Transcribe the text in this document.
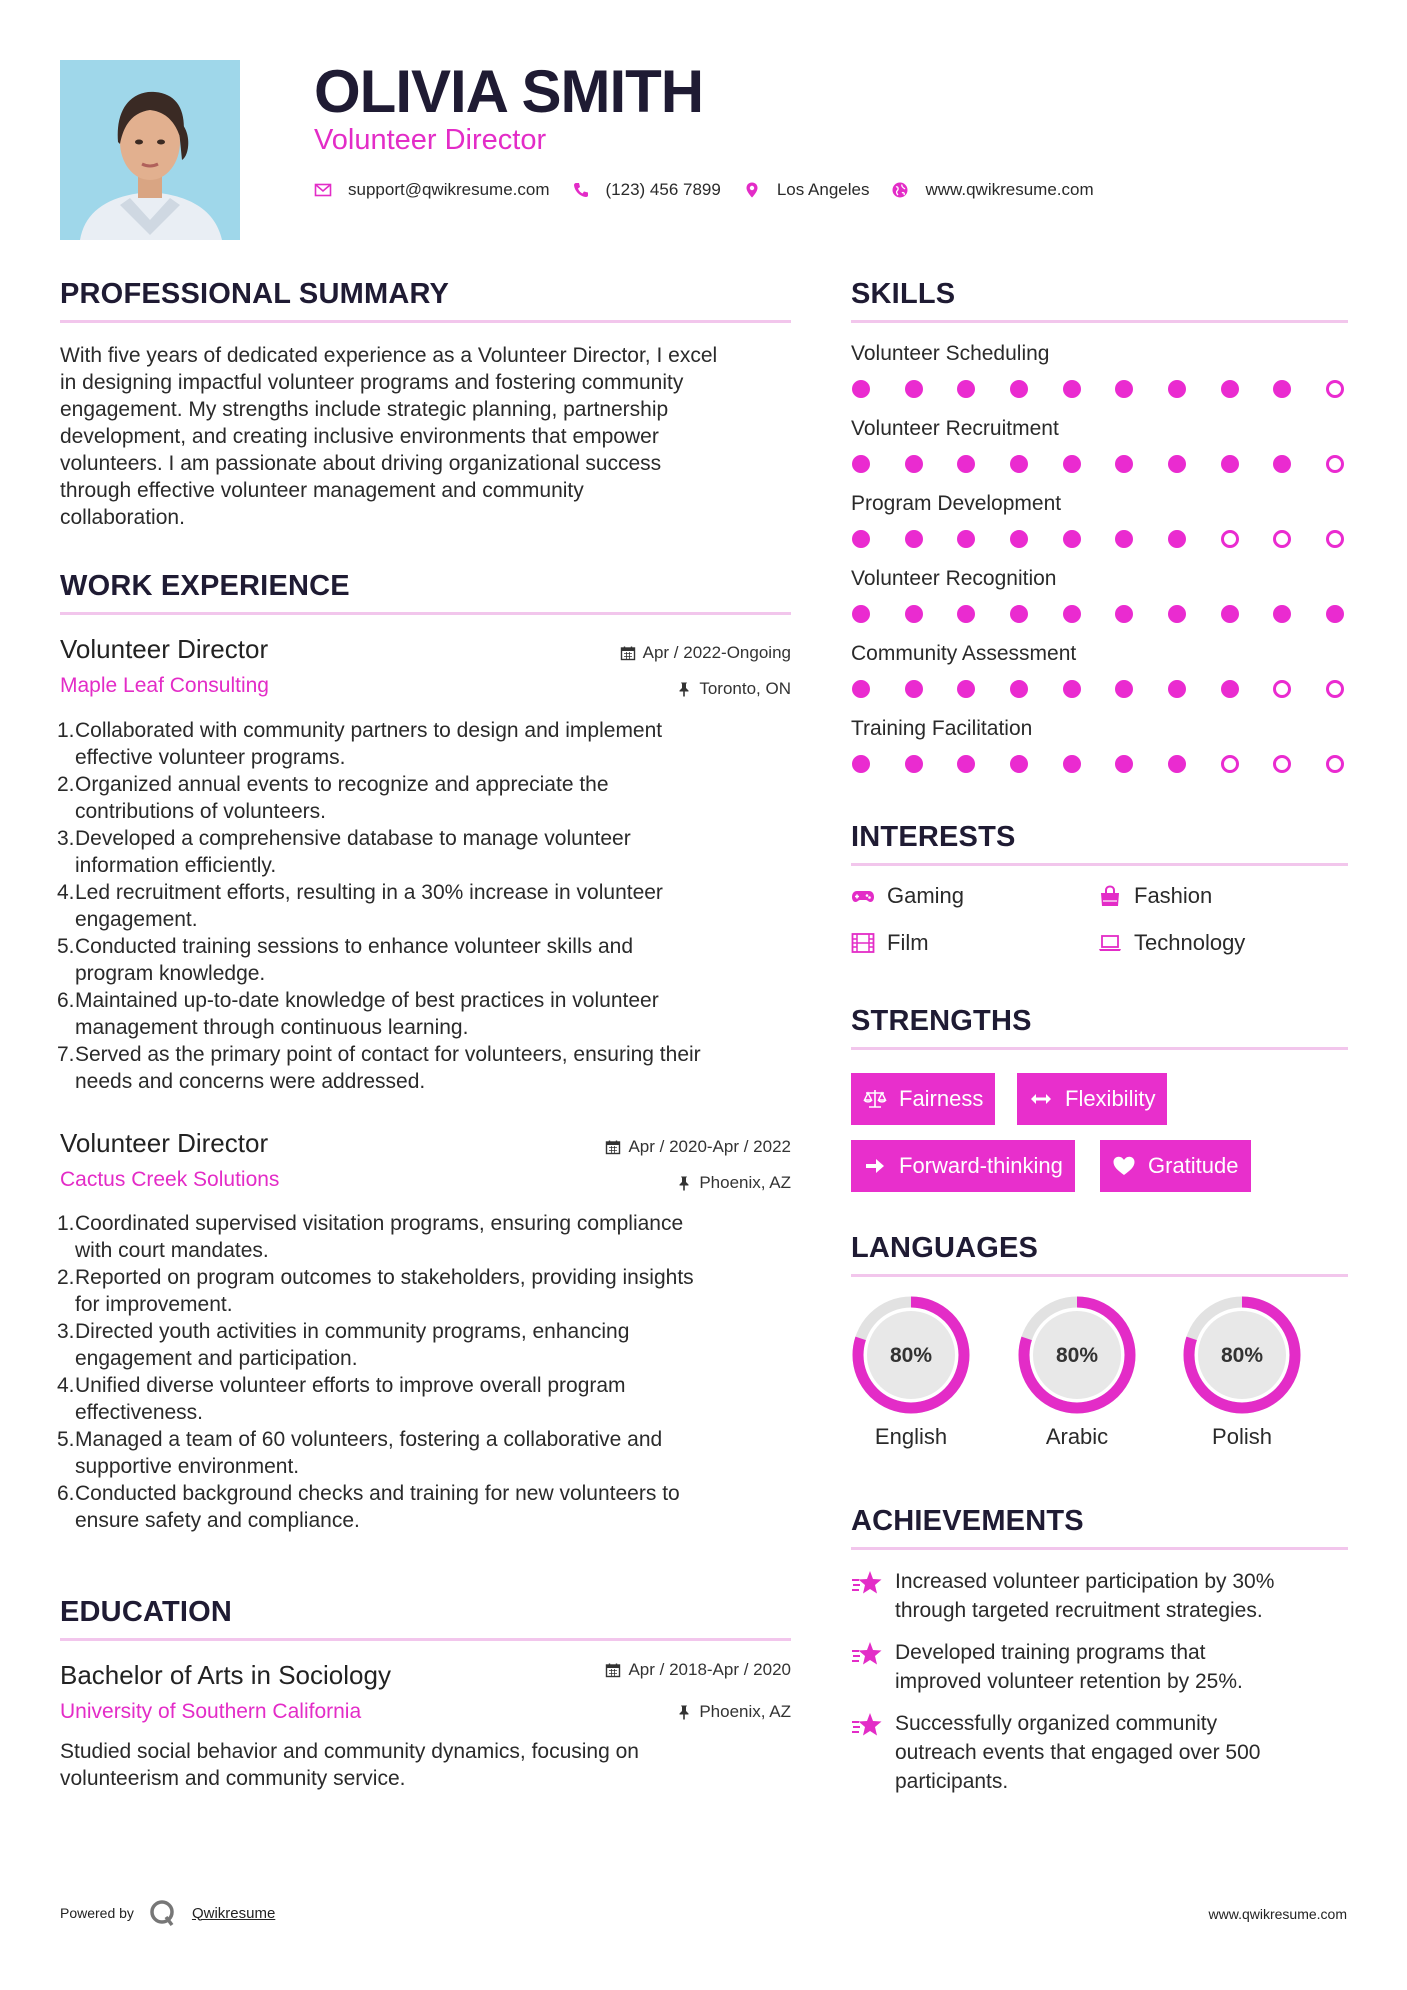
OLIVIA SMITH
Volunteer Director
support@qwikresume.com	(123) 456 7899	Los Angeles	www.qwikresume.com
PROFESSIONAL SUMMARY
With five years of dedicated experience as a Volunteer Director, I excel
in designing impactful volunteer programs and fostering community
engagement. My strengths include strategic planning, partnership
development, and creating inclusive environments that empower
volunteers. I am passionate about driving organizational success
through effective volunteer management and community
collaboration.
WORK EXPERIENCE
Volunteer Director	Apr / 2022-Ongoing
Maple Leaf Consulting	Toronto, ON
1. Collaborated with community partners to design and implement
effective volunteer programs.
2. Organized annual events to recognize and appreciate the
contributions of volunteers.
3. Developed a comprehensive database to manage volunteer
information efficiently.
4. Led recruitment efforts, resulting in a 30% increase in volunteer
engagement.
5. Conducted training sessions to enhance volunteer skills and
program knowledge.
6. Maintained up-to-date knowledge of best practices in volunteer
management through continuous learning.
7. Served as the primary point of contact for volunteers, ensuring their
needs and concerns were addressed.
Volunteer Director	Apr / 2020-Apr / 2022
Cactus Creek Solutions	Phoenix, AZ
1. Coordinated supervised visitation programs, ensuring compliance
with court mandates.
2. Reported on program outcomes to stakeholders, providing insights
for improvement.
3. Directed youth activities in community programs, enhancing
engagement and participation.
4. Unified diverse volunteer efforts to improve overall program
effectiveness.
5. Managed a team of 60 volunteers, fostering a collaborative and
supportive environment.
6. Conducted background checks and training for new volunteers to
ensure safety and compliance.
EDUCATION
Bachelor of Arts in Sociology	Apr / 2018-Apr / 2020
University of Southern California	Phoenix, AZ
Studied social behavior and community dynamics, focusing on
volunteerism and community service.
SKILLS
Volunteer Scheduling
Volunteer Recruitment
Program Development
Volunteer Recognition
Community Assessment
Training Facilitation
INTERESTS
Gaming	Fashion
Film	Technology
STRENGTHS
Fairness	Flexibility
Forward-thinking	Gratitude
LANGUAGES
80%
English
80%
Arabic
80%
Polish
ACHIEVEMENTS
Increased volunteer participation by 30%
through targeted recruitment strategies.
Developed training programs that
improved volunteer retention by 25%.
Successfully organized community
outreach events that engaged over 500
participants.
Powered by	Qwikresume	www.qwikresume.com
